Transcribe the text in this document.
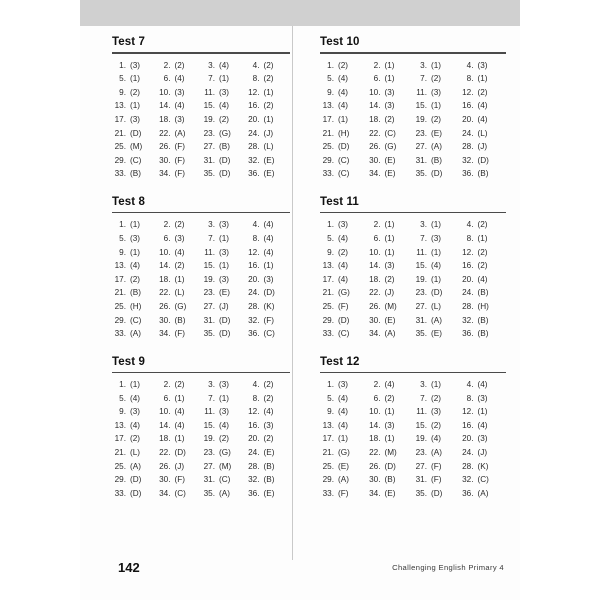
Test 7
1. (3)	2. (2)	3. (4)	4. (2)
5. (1)	6. (4)	7. (1)	8. (2)
9. (2)	10. (3)	11. (3)	12. (1)
13. (1)	14. (4)	15. (4)	16. (2)
17. (3)	18. (3)	19. (2)	20. (1)
21. (D)	22. (A)	23. (G)	24. (J)
25. (M)	26. (F)	27. (B)	28. (L)
29. (C)	30. (F)	31. (D)	32. (E)
33. (B)	34. (F)	35. (D)	36. (E)
Test 8
1. (1)	2. (2)	3. (3)	4. (4)
5. (3)	6. (3)	7. (1)	8. (4)
9. (1)	10. (4)	11. (3)	12. (4)
13. (4)	14. (2)	15. (1)	16. (1)
17. (2)	18. (1)	19. (3)	20. (3)
21. (B)	22. (L)	23. (E)	24. (D)
25. (H)	26. (G)	27. (J)	28. (K)
29. (C)	30. (B)	31. (D)	32. (F)
33. (A)	34. (F)	35. (D)	36. (C)
Test 9
1. (1)	2. (2)	3. (3)	4. (2)
5. (4)	6. (1)	7. (1)	8. (2)
9. (3)	10. (4)	11. (3)	12. (4)
13. (4)	14. (4)	15. (4)	16. (3)
17. (2)	18. (1)	19. (2)	20. (2)
21. (L)	22. (D)	23. (G)	24. (E)
25. (A)	26. (J)	27. (M)	28. (B)
29. (D)	30. (F)	31. (C)	32. (B)
33. (D)	34. (C)	35. (A)	36. (E)
Test 10
1. (2)	2. (1)	3. (1)	4. (3)
5. (4)	6. (1)	7. (2)	8. (1)
9. (4)	10. (3)	11. (3)	12. (2)
13. (4)	14. (3)	15. (1)	16. (4)
17. (1)	18. (2)	19. (2)	20. (4)
21. (H)	22. (C)	23. (E)	24. (L)
25. (D)	26. (G)	27. (A)	28. (J)
29. (C)	30. (E)	31. (B)	32. (D)
33. (C)	34. (E)	35. (D)	36. (B)
Test 11
1. (3)	2. (1)	3. (1)	4. (2)
5. (4)	6. (1)	7. (3)	8. (1)
9. (2)	10. (1)	11. (1)	12. (2)
13. (4)	14. (3)	15. (4)	16. (2)
17. (4)	18. (2)	19. (1)	20. (4)
21. (G)	22. (J)	23. (D)	24. (B)
25. (F)	26. (M)	27. (L)	28. (H)
29. (D)	30. (E)	31. (A)	32. (B)
33. (C)	34. (A)	35. (E)	36. (B)
Test 12
1. (3)	2. (4)	3. (1)	4. (4)
5. (4)	6. (2)	7. (2)	8. (3)
9. (4)	10. (1)	11. (3)	12. (1)
13. (4)	14. (3)	15. (2)	16. (4)
17. (1)	18. (1)	19. (4)	20. (3)
21. (G)	22. (M)	23. (A)	24. (J)
25. (E)	26. (D)	27. (F)	28. (K)
29. (A)	30. (B)	31. (F)	32. (C)
33. (F)	34. (E)	35. (D)	36. (A)
142	Challenging English Primary 4
